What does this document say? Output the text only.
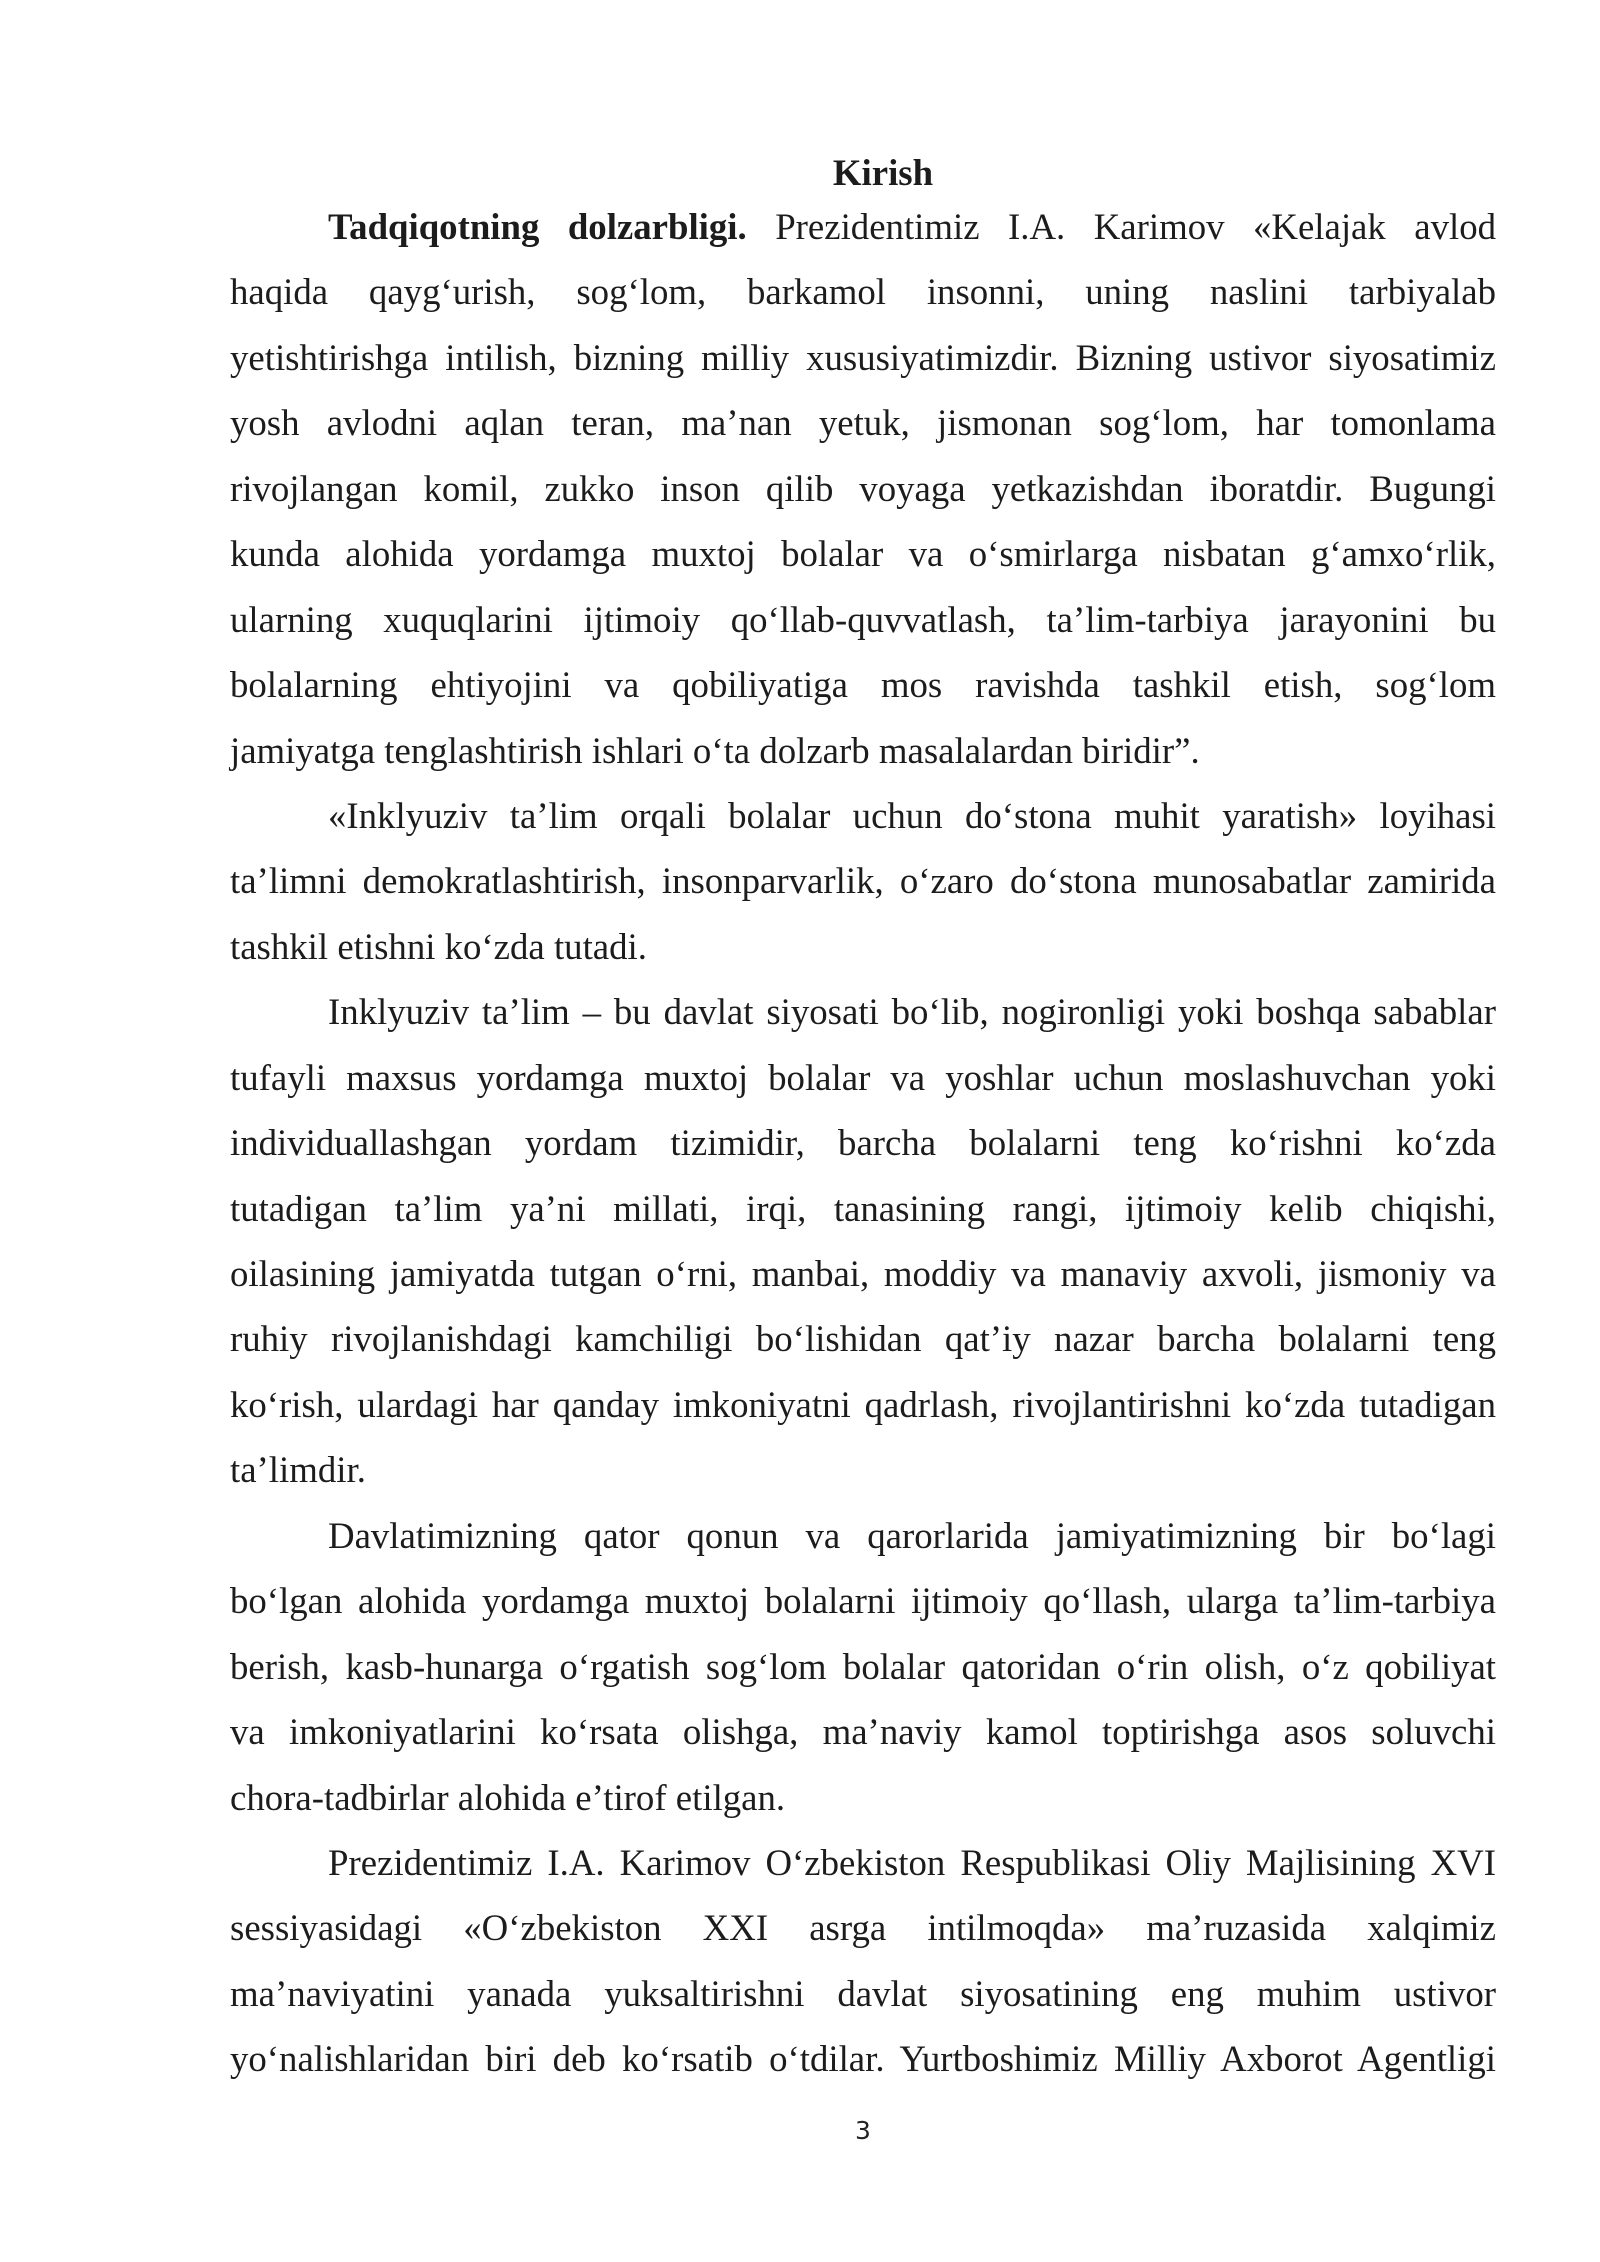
Kirish
Tadqiqotning dolzarbligi. Prezidentimiz I.A. Karimov «Kelajak avlod
haqida qayg‘urish, sog‘lom, barkamol insonni, uning naslini tarbiyalab
yetishtirishga intilish, bizning milliy xususiyatimizdir. Bizning ustivor siyosatimiz
yosh avlodni aqlan teran, ma’nan yetuk, jismonan sog‘lom, har tomonlama
rivojlangan komil, zukko inson qilib voyaga yetkazishdan iboratdir. Bugungi
kunda alohida yordamga muxtoj bolalar va o‘smirlarga nisbatan g‘amxo‘rlik,
ularning xuquqlarini ijtimoiy qo‘llab-quvvatlash, ta’lim-tarbiya jarayonini bu
bolalarning ehtiyojini va qobiliyatiga mos ravishda tashkil etish, sog‘lom
jamiyatga tenglashtirish ishlari o‘ta dolzarb masalalardan biridir”.
«Inklyuziv ta’lim orqali bolalar uchun do‘stona muhit yaratish» loyihasi
ta’limni demokratlashtirish, insonparvarlik, o‘zaro do‘stona munosabatlar zamirida
tashkil etishni ko‘zda tutadi.
Inklyuziv ta’lim – bu davlat siyosati bo‘lib, nogironligi yoki boshqa sabablar
tufayli maxsus yordamga muxtoj bolalar va yoshlar uchun moslashuvchan yoki
individuallashgan yordam tizimidir, barcha bolalarni teng ko‘rishni ko‘zda
tutadigan ta’lim ya’ni millati, irqi, tanasining rangi, ijtimoiy kelib chiqishi,
oilasining jamiyatda tutgan o‘rni, manbai, moddiy va manaviy axvoli, jismoniy va
ruhiy rivojlanishdagi kamchiligi bo‘lishidan qat’iy nazar barcha bolalarni teng
ko‘rish, ulardagi har qanday imkoniyatni qadrlash, rivojlantirishni ko‘zda tutadigan
ta’limdir.
Davlatimizning qator qonun va qarorlarida jamiyatimizning bir bo‘lagi
bo‘lgan alohida yordamga muxtoj bolalarni ijtimoiy qo‘llash, ularga ta’lim-tarbiya
berish, kasb-hunarga o‘rgatish sog‘lom bolalar qatoridan o‘rin olish, o‘z qobiliyat
va imkoniyatlarini ko‘rsata olishga, ma’naviy kamol toptirishga asos soluvchi
chora-tadbirlar alohida e’tirof etilgan.
Prezidentimiz I.A. Karimov O‘zbekiston Respublikasi Oliy Majlisining XVI
sessiyasidagi «O‘zbekiston XXI asrga intilmoqda» ma’ruzasida xalqimiz
ma’naviyatini yanada yuksaltirishni davlat siyosatining eng muhim ustivor
yo‘nalishlaridan biri deb ko‘rsatib o‘tdilar. Yurtboshimiz Milliy Axborot Agentligi
3
